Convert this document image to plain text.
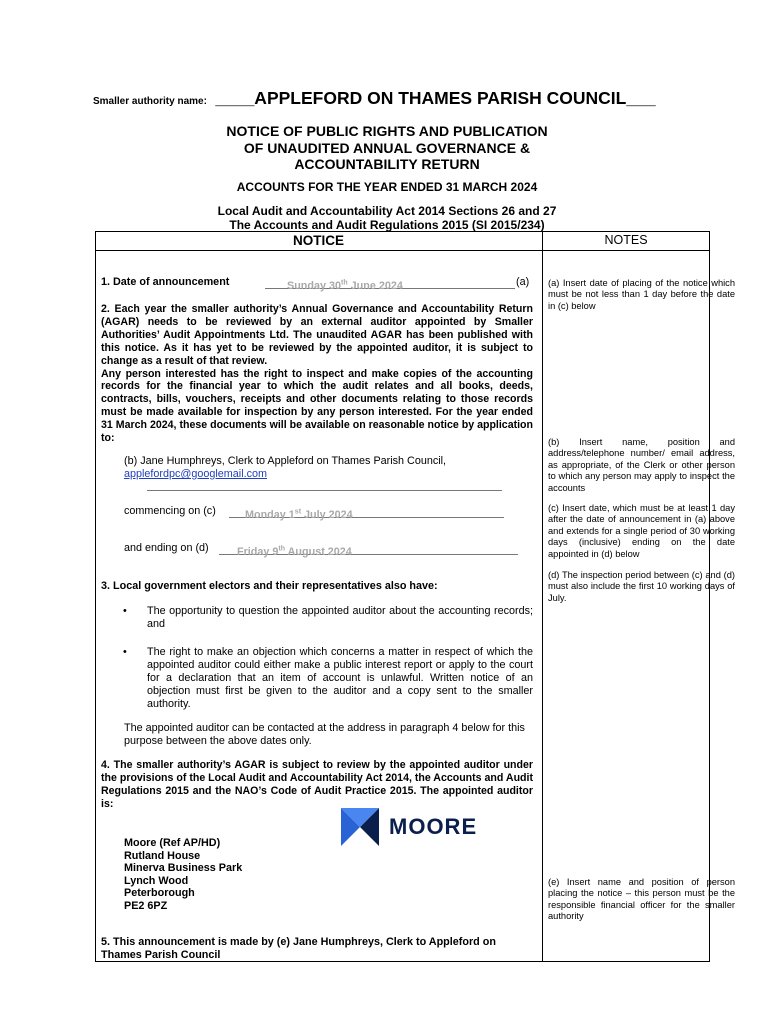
Smaller authority name: ____APPLEFORD ON THAMES PARISH COUNCIL___
NOTICE OF PUBLIC RIGHTS AND PUBLICATION
OF UNAUDITED ANNUAL GOVERNANCE &
ACCOUNTABILITY RETURN
ACCOUNTS FOR THE YEAR ENDED 31 MARCH 2024
Local Audit and Accountability Act 2014 Sections 26 and 27
The Accounts and Audit Regulations 2015 (SI 2015/234)
NOTICE	NOTES
1. Date of announcement	Sunday 30th June 2024	(a)
2. Each year the smaller authority’s Annual Governance and Accountability Return (AGAR) needs to be reviewed by an external auditor appointed by Smaller Authorities’ Audit Appointments Ltd. The unaudited AGAR has been published with this notice. As it has yet to be reviewed by the appointed auditor, it is subject to change as a result of that review.
Any person interested has the right to inspect and make copies of the accounting records for the financial year to which the audit relates and all books, deeds, contracts, bills, vouchers, receipts and other documents relating to those records must be made available for inspection by any person interested. For the year ended 31 March 2024, these documents will be available on reasonable notice by application to:
(b) Jane Humphreys, Clerk to Appleford on Thames Parish Council,
applefordpc@googlemail.com
commencing on (c)	Monday 1st July 2024
and ending on (d)	Friday 9th August 2024
3. Local government electors and their representatives also have:
• The opportunity to question the appointed auditor about the accounting records; and
• The right to make an objection which concerns a matter in respect of which the appointed auditor could either make a public interest report or apply to the court for a declaration that an item of account is unlawful. Written notice of an objection must first be given to the auditor and a copy sent to the smaller authority.
The appointed auditor can be contacted at the address in paragraph 4 below for this purpose between the above dates only.
4. The smaller authority’s AGAR is subject to review by the appointed auditor under the provisions of the Local Audit and Accountability Act 2014, the Accounts and Audit Regulations 2015 and the NAO’s Code of Audit Practice 2015. The appointed auditor is:
MOORE
Moore (Ref AP/HD)
Rutland House
Minerva Business Park
Lynch Wood
Peterborough
PE2 6PZ
5. This announcement is made by (e) Jane Humphreys, Clerk to Appleford on Thames Parish Council
(a) Insert date of placing of the notice which must be not less than 1 day before the date in (c) below
(b) Insert name, position and address/telephone number/ email address, as appropriate, of the Clerk or other person to which any person may apply to inspect the accounts
(c) Insert date, which must be at least 1 day after the date of announcement in (a) above and extends for a single period of 30 working days (inclusive) ending on the date appointed in (d) below
(d) The inspection period between (c) and (d) must also include the first 10 working days of July.
(e) Insert name and position of person placing the notice – this person must be the responsible financial officer for the smaller authority
